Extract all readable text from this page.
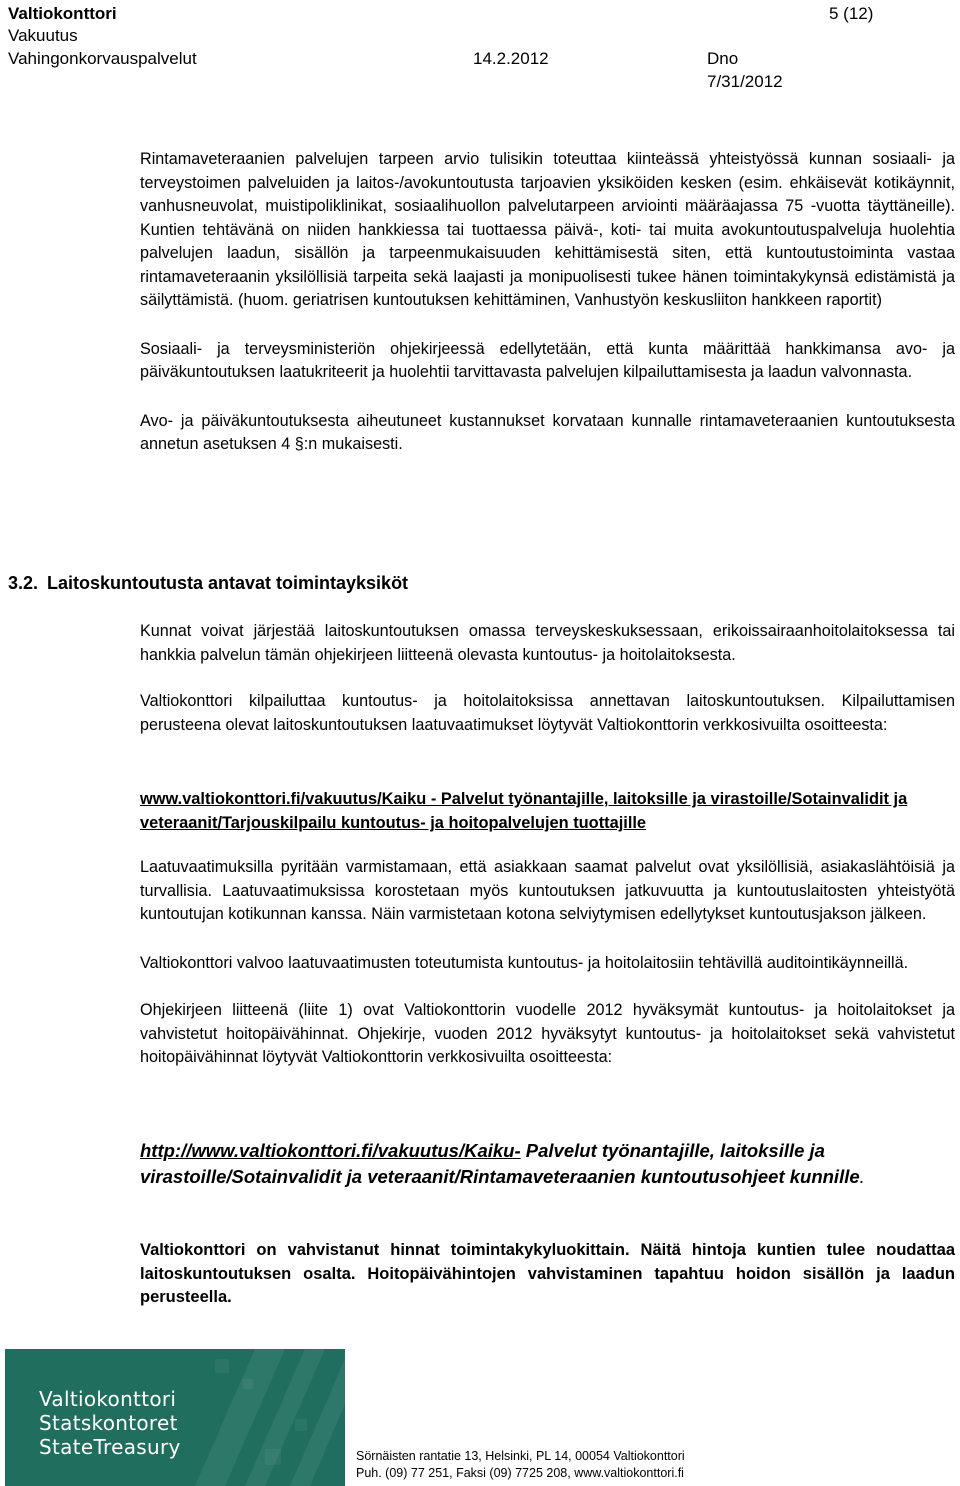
Valtiokonttori	5 (12)
Vakuutus
Vahingonkorvauspalvelut	14.2.2012	Dno
7/31/2012

Rintamaveteraanien palvelujen tarpeen arvio tulisikin toteuttaa kiinteässä yhteistyössä kunnan sosiaali- ja terveystoimen palveluiden ja laitos-/avokuntoutusta tarjoavien yksiköiden kesken (esim. ehkäisevät kotikäynnit, vanhusneuvolat, muistipoliklinikat, sosiaalihuollon palvelutarpeen arviointi määräajassa 75 -vuotta täyttäneille). Kuntien tehtävänä on niiden hankkiessa tai tuottaessa päivä-, koti- tai muita avokuntoutuspalveluja huolehtia palvelujen laadun, sisällön ja tarpeenmukaisuuden kehittämisestä siten, että kuntoutustoiminta vastaa rintamaveteraanin yksilöllisiä tarpeita sekä laajasti ja monipuolisesti tukee hänen toimintakykynsä edistämistä ja säilyttämistä. (huom. geriatrisen kuntoutuksen kehittäminen, Vanhustyön keskusliiton hankkeen raportit)

Sosiaali- ja terveysministeriön ohjekirjeessä edellytetään, että kunta määrittää hankkimansa avo- ja päiväkuntoutuksen laatukriteerit ja huolehtii tarvittavasta palvelujen kilpailuttamisesta ja laadun valvonnasta.

Avo- ja päiväkuntoutuksesta aiheutuneet kustannukset korvataan kunnalle rintamaveteraanien kuntoutuksesta annetun asetuksen 4 §:n mukaisesti.

3.2. Laitoskuntoutusta antavat toimintayksiköt

Kunnat voivat järjestää laitoskuntoutuksen omassa terveyskeskuksessaan, erikoissairaanhoitolaitoksessa tai hankkia palvelun tämän ohjekirjeen liitteenä olevasta kuntoutus- ja hoitolaitoksesta.

Valtiokonttori kilpailuttaa kuntoutus- ja hoitolaitoksissa annettavan laitoskuntoutuksen. Kilpailuttamisen perusteena olevat laitoskuntoutuksen laatuvaatimukset löytyvät Valtiokonttorin verkkosivuilta osoitteesta:

www.valtiokonttori.fi/vakuutus/Kaiku - Palvelut työnantajille, laitoksille ja virastoille/Sotainvalidit ja veteraanit/Tarjouskilpailu kuntoutus- ja hoitopalvelujen tuottajille

Laatuvaatimuksilla pyritään varmistamaan, että asiakkaan saamat palvelut ovat yksilöllisiä, asiakaslähtöisiä ja turvallisia. Laatuvaatimuksissa korostetaan myös kuntoutuksen jatkuvuutta ja kuntoutuslaitosten yhteistyötä kuntoutujan kotikunnan kanssa. Näin varmistetaan kotona selviytymisen edellytykset kuntoutusjakson jälkeen.

Valtiokonttori valvoo laatuvaatimusten toteutumista kuntoutus- ja hoitolaitosiin tehtävillä auditointikäynneillä.

Ohjekirjeen liitteenä (liite 1) ovat Valtiokonttorin vuodelle 2012 hyväksymät kuntoutus- ja hoitolaitokset ja vahvistetut hoitopäivähinnat. Ohjekirje, vuoden 2012 hyväksytyt kuntoutus- ja hoitolaitokset sekä vahvistetut hoitopäivähinnat löytyvät Valtiokonttorin verkkosivuilta osoitteesta:

http://www.valtiokonttori.fi/vakuutus/Kaiku- Palvelut työnantajille, laitoksille ja virastoille/Sotainvalidit ja veteraanit/Rintamaveteraanien kuntoutusohjeet kunnille.
Valtiokonttori on vahvistanut hinnat toimintakykyluokittain. Näitä hintoja kuntien tulee noudattaa laitoskuntoutuksen osalta. Hoitopäivähintojen vahvistaminen tapahtuu hoidon sisällön ja laadun perusteella.
Valtiokonttori
Statskontoret
StateTreasury	Sörnäisten rantatie 13, Helsinki, PL 14, 00054 Valtiokonttori
Puh. (09) 77 251, Faksi (09) 7725 208, www.valtiokonttori.fi
